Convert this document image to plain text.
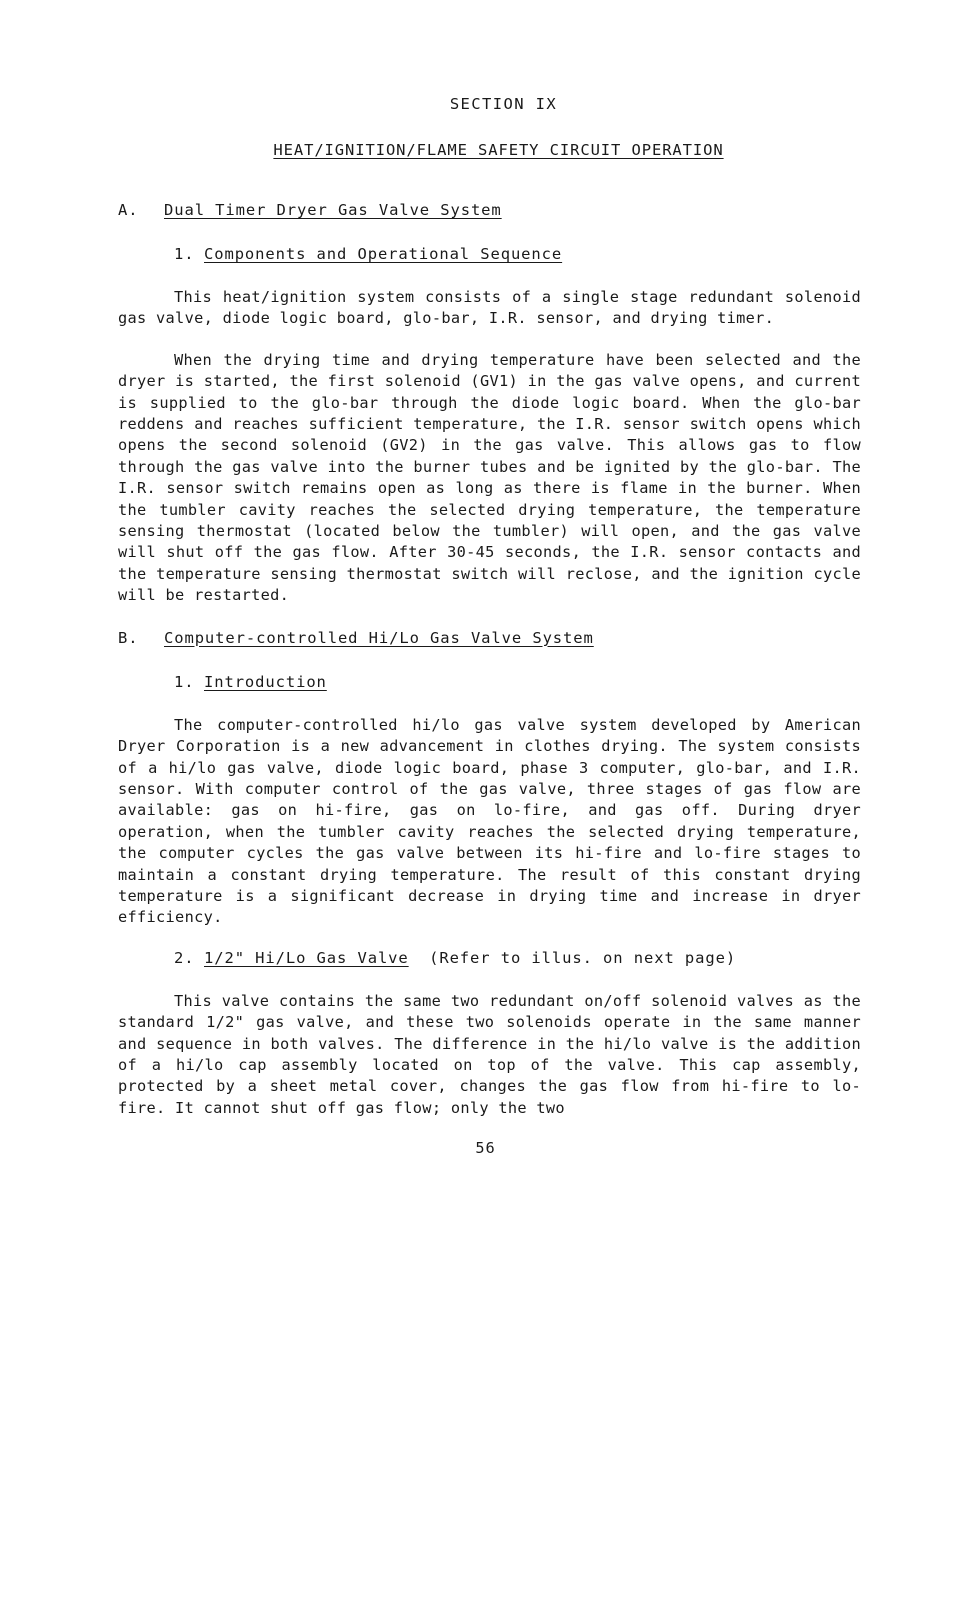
SECTION IX
HEAT/IGNITION/FLAME SAFETY CIRCUIT OPERATION
A. Dual Timer Dryer Gas Valve System
1. Components and Operational Sequence

This heat/ignition system consists of a single stage redundant solenoid gas valve, diode logic board, glo-bar, I.R. sensor, and drying timer.

When the drying time and drying temperature have been selected and the dryer is started, the first solenoid (GV1) in the gas valve opens, and current is supplied to the glo-bar through the diode logic board. When the glo-bar reddens and reaches sufficient temperature, the I.R. sensor switch opens which opens the second solenoid (GV2) in the gas valve. This allows gas to flow through the gas valve into the burner tubes and be ignited by the glo-bar. The I.R. sensor switch remains open as long as there is flame in the burner. When the tumbler cavity reaches the selected drying temperature, the temperature sensing thermostat (located below the tumbler) will open, and the gas valve will shut off the gas flow. After 30-45 seconds, the I.R. sensor contacts and the temperature sensing thermostat switch will reclose, and the ignition cycle will be restarted.

B. Computer-controlled Hi/Lo Gas Valve System
1. Introduction

The computer-controlled hi/lo gas valve system developed by American Dryer Corporation is a new advancement in clothes drying. The system consists of a hi/lo gas valve, diode logic board, phase 3 computer, glo-bar, and I.R. sensor. With computer control of the gas valve, three stages of gas flow are available: gas on hi-fire, gas on lo-fire, and gas off. During dryer operation, when the tumbler cavity reaches the selected drying temperature, the computer cycles the gas valve between its hi-fire and lo-fire stages to maintain a constant drying temperature. The result of this constant drying temperature is a significant decrease in drying time and increase in dryer efficiency.

2. 1/2" Hi/Lo Gas Valve (Refer to illus. on next page)

This valve contains the same two redundant on/off solenoid valves as the standard 1/2" gas valve, and these two solenoids operate in the same manner and sequence in both valves. The difference in the hi/lo valve is the addition of a hi/lo cap assembly located on top of the valve. This cap assembly, protected by a sheet metal cover, changes the gas flow from hi-fire to lo-fire. It cannot shut off gas flow; only the two

56
